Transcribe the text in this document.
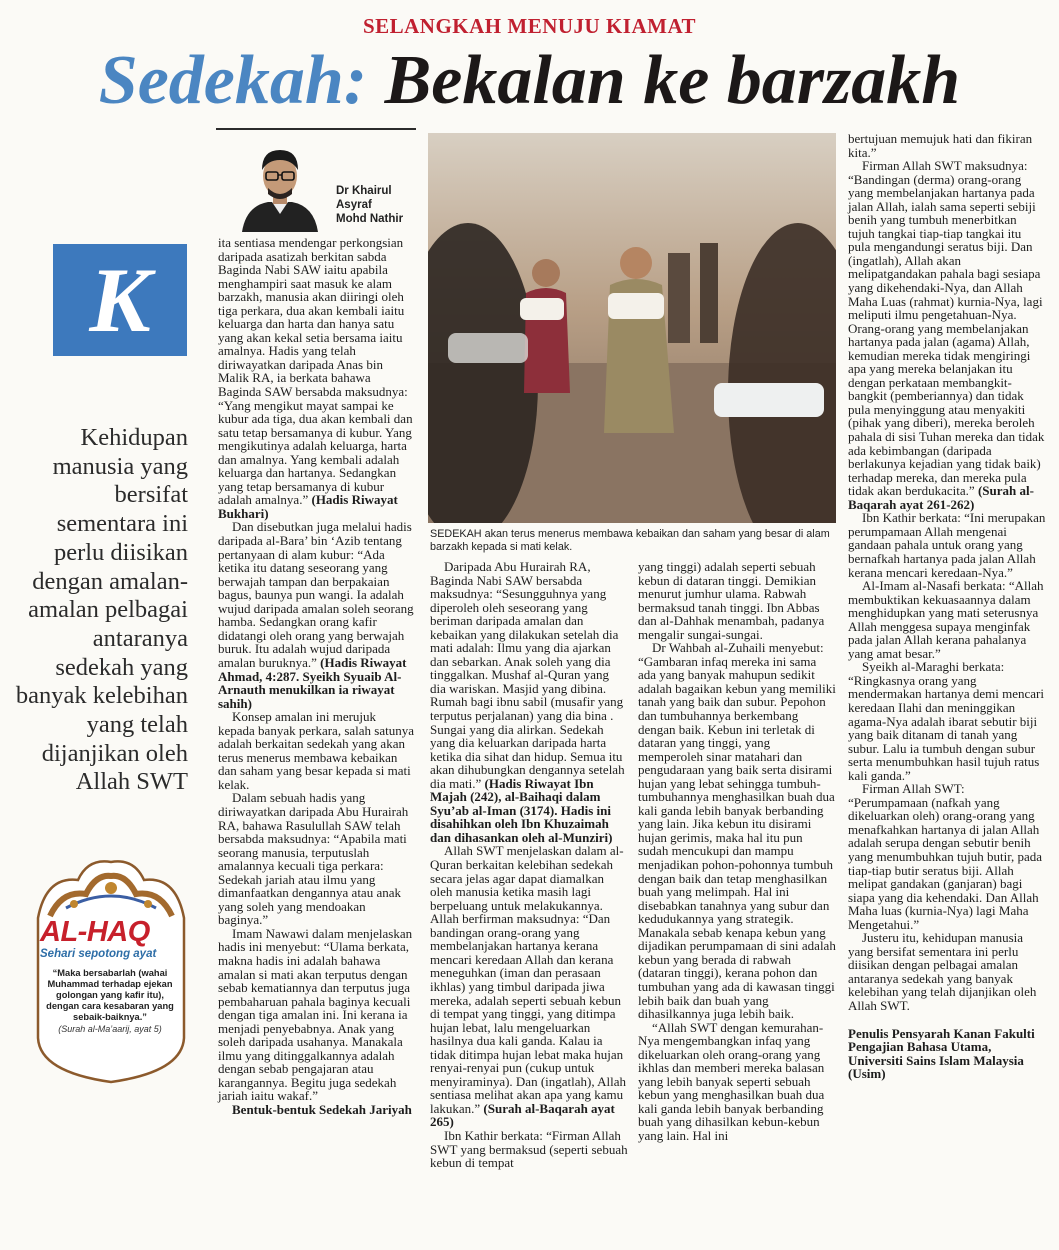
SELANGKAH MENUJU KIAMAT
Sedekah: Bekalan ke barzakh
Dr Khairul Asyraf
Mohd Nathir
K
Kehidupan manusia yang bersifat sementara ini perlu diisikan dengan amalan-amalan pelbagai antaranya sedekah yang banyak kelebihan yang telah dijanjikan oleh Allah SWT
AL-HAQ
Sehari sepotong ayat
“Maka bersabarlah (wahai Muhammad terhadap ejekan golongan yang kafir itu), dengan cara kesabaran yang sebaik-baiknya.”
(Surah al-Ma’aarij, ayat 5)
SEDEKAH akan terus menerus membawa kebaikan dan saham yang besar di alam barzakh kepada si mati kelak.

ita sentiasa mendengar perkongsian daripada asatizah berkitan sabda Baginda Nabi SAW iaitu apabila menghampiri saat masuk ke alam barzakh, manusia akan diiringi oleh tiga perkara, dua akan kembali iaitu keluarga dan harta dan hanya satu yang akan kekal setia bersama iaitu amalnya. Hadis yang telah diriwayatkan daripada Anas bin Malik RA, ia berkata bahawa Baginda SAW bersabda maksudnya: “Yang mengikut mayat sampai ke kubur ada tiga, dua akan kembali dan satu tetap bersamanya di kubur. Yang mengikutinya adalah keluarga, harta dan amalnya. Yang kembali adalah keluarga dan hartanya. Sedangkan yang tetap bersamanya di kubur adalah amalnya.” (Hadis Riwayat Bukhari)

Dan disebutkan juga melalui hadis daripada al-Bara’ bin ‘Azib tentang pertanyaan di alam kubur: “Ada ketika itu datang seseorang yang berwajah tampan dan berpakaian bagus, baunya pun wangi. Ia adalah wujud daripada amalan soleh seorang hamba. Sedangkan orang kafir didatangi oleh orang yang berwajah buruk. Itu adalah wujud daripada amalan buruknya.” (Hadis Riwayat Ahmad, 4:287. Syeikh Syuaib Al-Arnauth menukilkan ia riwayat sahih)

Konsep amalan ini merujuk kepada banyak perkara, salah satunya adalah berkaitan sedekah yang akan terus menerus membawa kebaikan dan saham yang besar kepada si mati kelak.

Dalam sebuah hadis yang diriwayatkan daripada Abu Hurairah RA, bahawa Rasulullah SAW telah bersabda maksudnya: “Apabila mati seorang manusia, terputuslah amalannya kecuali tiga perkara: Sedekah jariah atau ilmu yang dimanfaatkan dengannya atau anak yang soleh yang mendoakan baginya.”

Imam Nawawi dalam menjelaskan hadis ini menyebut: “Ulama berkata, makna hadis ini adalah bahawa amalan si mati akan terputus dengan sebab kematiannya dan terputus juga pembaharuan pahala baginya kecuali dengan tiga amalan ini. Ini kerana ia menjadi penyebabnya. Anak yang soleh daripada usahanya. Manakala ilmu yang ditinggalkannya adalah dengan sebab pengajaran atau karangannya. Begitu juga sedekah jariah iaitu wakaf.”

Bentuk-bentuk Sedekah Jariyah

Daripada Abu Hurairah RA, Baginda Nabi SAW bersabda maksudnya: “Sesungguhnya yang diperoleh oleh seseorang yang beriman daripada amalan dan kebaikan yang dilakukan setelah dia mati adalah: Ilmu yang dia ajarkan dan sebarkan. Anak soleh yang dia tinggalkan. Mushaf al-Quran yang dia wariskan. Masjid yang dibina. Rumah bagi ibnu sabil (musafir yang terputus perjalanan) yang dia bina . Sungai yang dia alirkan. Sedekah yang dia keluarkan daripada harta ketika dia sihat dan hidup. Semua itu akan dihubungkan dengannya setelah dia mati.” (Hadis Riwayat Ibn Majah (242), al-Baihaqi dalam Syu’ab al-Iman (3174). Hadis ini disahihkan oleh Ibn Khuzaimah dan dihasankan oleh al-Munziri)

Allah SWT menjelaskan dalam al-Quran berkaitan kelebihan sedekah secara jelas agar dapat diamalkan oleh manusia ketika masih lagi berpeluang untuk melakukannya. Allah berfirman maksudnya: “Dan bandingan orang-orang yang membelanjakan hartanya kerana mencari keredaan Allah dan kerana meneguhkan (iman dan perasaan ikhlas) yang timbul daripada jiwa mereka, adalah seperti sebuah kebun di tempat yang tinggi, yang ditimpa hujan lebat, lalu mengeluarkan hasilnya dua kali ganda. Kalau ia tidak ditimpa hujan lebat maka hujan renyai-renyai pun (cukup untuk menyiraminya). Dan (ingatlah), Allah sentiasa melihat akan apa yang kamu lakukan.” (Surah al-Baqarah ayat 265)

Ibn Kathir berkata: “Firman Allah SWT yang bermaksud (seperti sebuah kebun di tempat

yang tinggi) adalah seperti sebuah kebun di dataran tinggi. Demikian menurut jumhur ulama. Rabwah bermaksud tanah tinggi. Ibn Abbas dan al-Dahhak menambah, padanya mengalir sungai-sungai.

Dr Wahbah al-Zuhaili menyebut: “Gambaran infaq mereka ini sama ada yang banyak mahupun sedikit adalah bagaikan kebun yang memiliki tanah yang baik dan subur. Pepohon dan tumbuhannya berkembang dengan baik. Kebun ini terletak di dataran yang tinggi, yang memperoleh sinar matahari dan pengudaraan yang baik serta disirami hujan yang lebat sehingga tumbuh-tumbuhannya menghasilkan buah dua kali ganda lebih banyak berbanding yang lain. Jika kebun itu disirami hujan gerimis, maka hal itu pun sudah mencukupi dan mampu menjadikan pohon-pohonnya tumbuh dengan baik dan tetap menghasilkan buah yang melimpah. Hal ini disebabkan tanahnya yang subur dan kedudukannya yang strategik. Manakala sebab kenapa kebun yang dijadikan perumpamaan di sini adalah kebun yang berada di rabwah (dataran tinggi), kerana pohon dan tumbuhan yang ada di kawasan tinggi lebih baik dan buah yang dihasilkannya juga lebih baik.

“Allah SWT dengan kemurahan-Nya mengembangkan infaq yang dikeluarkan oleh orang-orang yang ikhlas dan memberi mereka balasan yang lebih banyak seperti sebuah kebun yang menghasilkan buah dua kali ganda lebih banyak berbanding buah yang dihasilkan kebun-kebun yang lain. Hal ini

bertujuan memujuk hati dan fikiran kita.”

Firman Allah SWT maksudnya: “Bandingan (derma) orang-orang yang membelanjakan hartanya pada jalan Allah, ialah sama seperti sebiji benih yang tumbuh menerbitkan tujuh tangkai tiap-tiap tangkai itu pula mengandungi seratus biji. Dan (ingatlah), Allah akan melipatgandakan pahala bagi sesiapa yang dikehendaki-Nya, dan Allah Maha Luas (rahmat) kurnia-Nya, lagi meliputi ilmu pengetahuan-Nya. Orang-orang yang membelanjakan hartanya pada jalan (agama) Allah, kemudian mereka tidak mengiringi apa yang mereka belanjakan itu dengan perkataan membangkit-bangkit (pemberiannya) dan tidak pula menyinggung atau menyakiti (pihak yang diberi), mereka beroleh pahala di sisi Tuhan mereka dan tidak ada kebimbangan (daripada berlakunya kejadian yang tidak baik) terhadap mereka, dan mereka pula tidak akan berdukacita.” (Surah al-Baqarah ayat 261-262)

Ibn Kathir berkata: “Ini merupakan perumpamaan Allah mengenai gandaan pahala untuk orang yang bernafkah hartanya pada jalan Allah kerana mencari keredaan-Nya.”

Al-Imam al-Nasafi berkata: “Allah membuktikan kekuasaannya dalam menghidupkan yang mati seterusnya Allah menggesa supaya menginfak pada jalan Allah kerana pahalanya yang amat besar.”

Syeikh al-Maraghi berkata: “Ringkasnya orang yang mendermakan hartanya demi mencari keredaan Ilahi dan meninggikan agama-Nya adalah ibarat sebutir biji yang baik ditanam di tanah yang subur. Lalu ia tumbuh dengan subur serta menumbuhkan hasil tujuh ratus kali ganda.”

Firman Allah SWT: “Perumpamaan (nafkah yang dikeluarkan oleh) orang-orang yang menafkahkan hartanya di jalan Allah adalah serupa dengan sebutir benih yang menumbuhkan tujuh butir, pada tiap-tiap butir seratus biji. Allah melipat gandakan (ganjaran) bagi siapa yang dia kehendaki. Dan Allah Maha luas (kurnia-Nya) lagi Maha Mengetahui.”

Justeru itu, kehidupan manusia yang bersifat sementara ini perlu diisikan dengan pelbagai amalan antaranya sedekah yang banyak kelebihan yang telah dijanjikan oleh Allah SWT.

Penulis Pensyarah Kanan Fakulti Pengajian Bahasa Utama, Universiti Sains Islam Malaysia (Usim)
